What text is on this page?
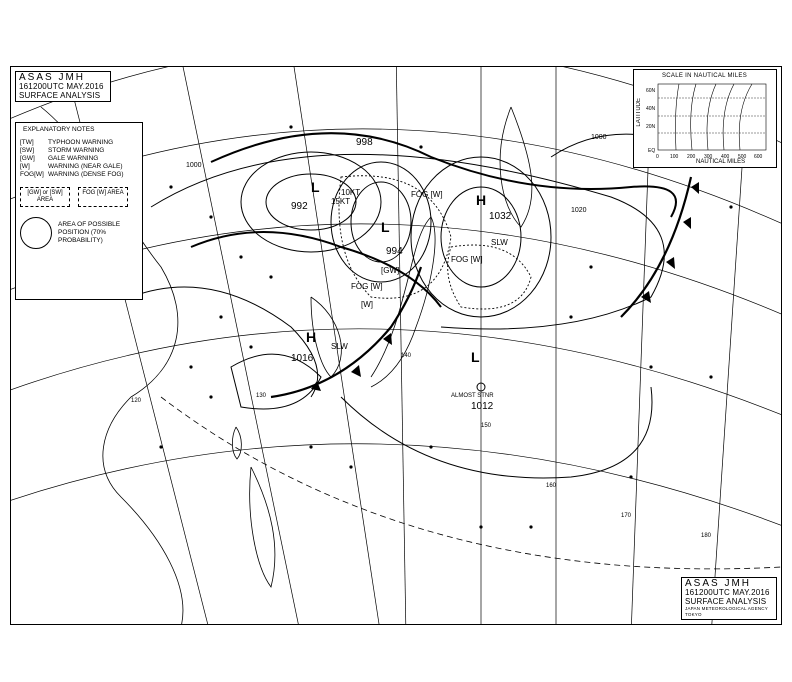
L
992	15KT
L
994
10KT
998
H
1032
SLW
H
1016
SLW
L
1012
ALMOST STNR
FOG [W]
FOG [W]
FOG [W]
[GW]
[W]
1000
1020
1000
120
130
140
150
160
170
180
ASAS JMH
161200UTC MAY.2016
SURFACE ANALYSIS
EXPLANATORY NOTES
[TW]	TYPHOON WARNING
[SW]	STORM WARNING
[GW]	GALE WARNING
[W]	WARNING (NEAR GALE)
FOG[W] WARNING (DENSE FOG)
[GW] or [SW] AREA
FOG [W] AREA
AREA OF POSSIBLE POSITION (70% PROBABILITY)
SCALE IN NAUTICAL MILES
LATITUDE
60N
40N
20N
EQ
0 100 200 300 400 500 600
NAUTICAL MILES
ASAS JMH
161200UTC MAY.2016
SURFACE ANALYSIS
JAPAN METEOROLOGICAL AGENCY TOKYO
